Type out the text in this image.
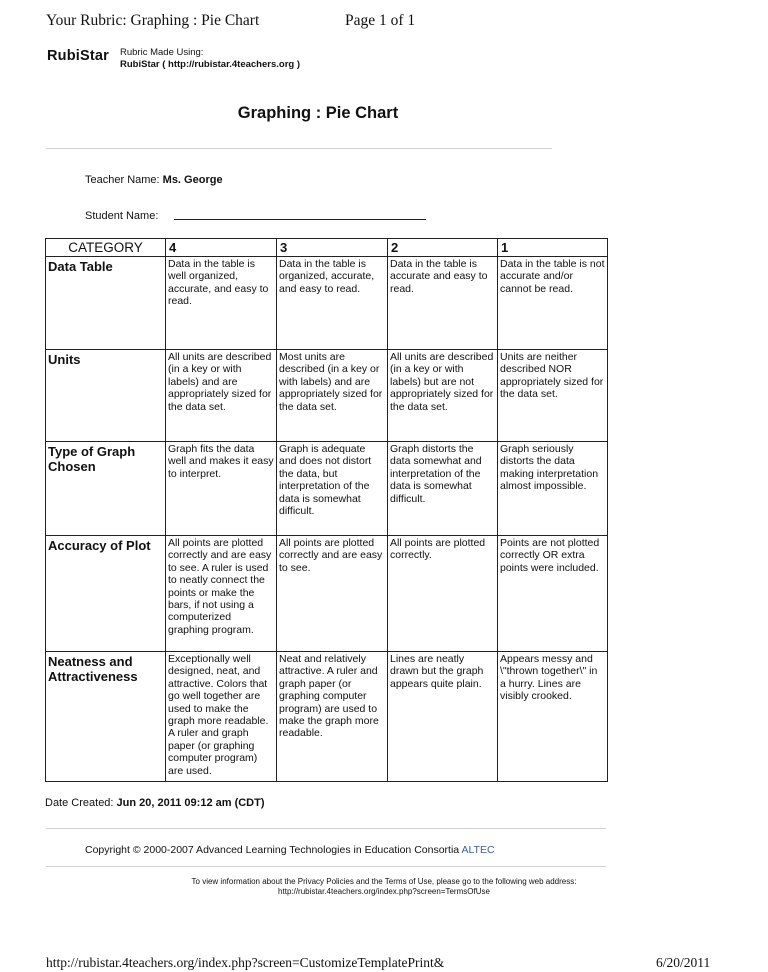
Your Rubric: Graphing : Pie Chart	Page 1 of 1
RubiStar Rubric Made Using:
RubiStar ( http://rubistar.4teachers.org )
Graphing : Pie Chart
Teacher Name: Ms. George
Student Name:
CATEGORY	4	3	2	1
Data Table	Data in the table is well organized, accurate, and easy to read.	Data in the table is organized, accurate, and easy to read.	Data in the table is accurate and easy to read.	Data in the table is not accurate and/or cannot be read.
Units	All units are described (in a key or with labels) and are appropriately sized for the data set.	Most units are described (in a key or with labels) and are appropriately sized for the data set.	All units are described (in a key or with labels) but are not appropriately sized for the data set.	Units are neither described NOR appropriately sized for the data set.
Type of Graph Chosen	Graph fits the data well and makes it easy to interpret.	Graph is adequate and does not distort the data, but interpretation of the data is somewhat difficult.	Graph distorts the data somewhat and interpretation of the data is somewhat difficult.	Graph seriously distorts the data making interpretation almost impossible.
Accuracy of Plot	All points are plotted correctly and are easy to see. A ruler is used to neatly connect the points or make the bars, if not using a computerized graphing program.	All points are plotted correctly and are easy to see.	All points are plotted correctly.	Points are not plotted correctly OR extra points were included.
Neatness and Attractiveness	Exceptionally well designed, neat, and attractive. Colors that go well together are used to make the graph more readable. A ruler and graph paper (or graphing computer program) are used.	Neat and relatively attractive. A ruler and graph paper (or graphing computer program) are used to make the graph more readable.	Lines are neatly drawn but the graph appears quite plain.	Appears messy and \"thrown together\" in a hurry. Lines are visibly crooked.
Date Created: Jun 20, 2011 09:12 am (CDT)
Copyright © 2000-2007 Advanced Learning Technologies in Education Consortia ALTEC
To view information about the Privacy Policies and the Terms of Use, please go to the following web address:
http://rubistar.4teachers.org/index.php?screen=TermsOfUse
http://rubistar.4teachers.org/index.php?screen=CustomizeTemplatePrint&	6/20/2011
